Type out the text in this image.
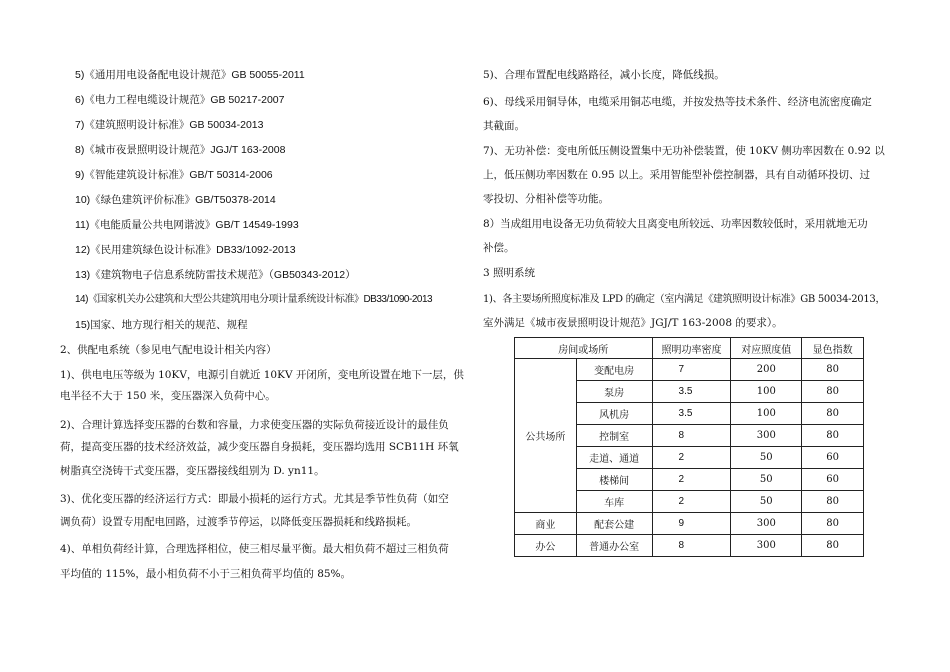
5)《通用用电设备配电设计规范》GB 50055-2011
6)《电力工程电缆设计规范》GB 50217-2007
7)《建筑照明设计标准》GB 50034-2013
8)《城市夜景照明设计规范》JGJ/T 163-2008
9)《智能建筑设计标准》GB/T 50314-2006
10)《绿色建筑评价标准》GB/T50378-2014
11)《电能质量公共电网谐波》GB/T 14549-1993
12)《民用建筑绿色设计标准》DB33/1092-2013
13)《建筑物电子信息系统防雷技术规范》（GB50343-2012）
14)《国家机关办公建筑和大型公共建筑用电分项计量系统设计标准》DB33/1090-2013
15)国家、地方现行相关的规范、规程
2、供配电系统（参见电气配电设计相关内容）
1)、供电电压等级为 10KV，电源引自就近 10KV 开闭所，变电所设置在地下一层，供
电半径不大于 150 米，变压器深入负荷中心。
2)、合理计算选择变压器的台数和容量，力求使变压器的实际负荷接近设计的最佳负
荷，提高变压器的技术经济效益，减少变压器自身损耗，变压器均选用 SCB11H 环氧
树脂真空浇铸干式变压器，变压器接线组别为 D. yn11。
3)、优化变压器的经济运行方式：即最小损耗的运行方式。尤其是季节性负荷（如空
调负荷）设置专用配电回路，过渡季节停运，以降低变压器损耗和线路损耗。
4)、单相负荷经计算，合理选择相位，使三相尽量平衡。最大相负荷不超过三相负荷
平均值的 115%，最小相负荷不小于三相负荷平均值的 85%。
5)、合理布置配电线路路径，减小长度，降低线损。
6)、母线采用铜导体，电缆采用铜芯电缆，并按发热等技术条件、经济电流密度确定
其截面。
7)、无功补偿：变电所低压侧设置集中无功补偿装置，使 10KV 侧功率因数在 0.92 以
上，低压侧功率因数在 0.95 以上。采用智能型补偿控制器，具有自动循环投切、过
零投切、分相补偿等功能。
8）当成组用电设备无功负荷较大且离变电所较远、功率因数较低时，采用就地无功
补偿。
3 照明系统
1)、各主要场所照度标准及 LPD 的确定（室内满足《建筑照明设计标准》GB 50034-2013，
室外满足《城市夜景照明设计规范》JGJ/T 163-2008 的要求）。
房间或场所		照明功率密度	对应照度值	显色指数
公共场所	变配电房	7	200	80
	泵房	3.5	100	80
	风机房	3.5	100	80
	控制室	8	300	80
	走道、通道	2	50	60
	楼梯间	2	50	60
	车库	2	50	80
商业	配套公建	9	300	80
办公	普通办公室	8	300	80
